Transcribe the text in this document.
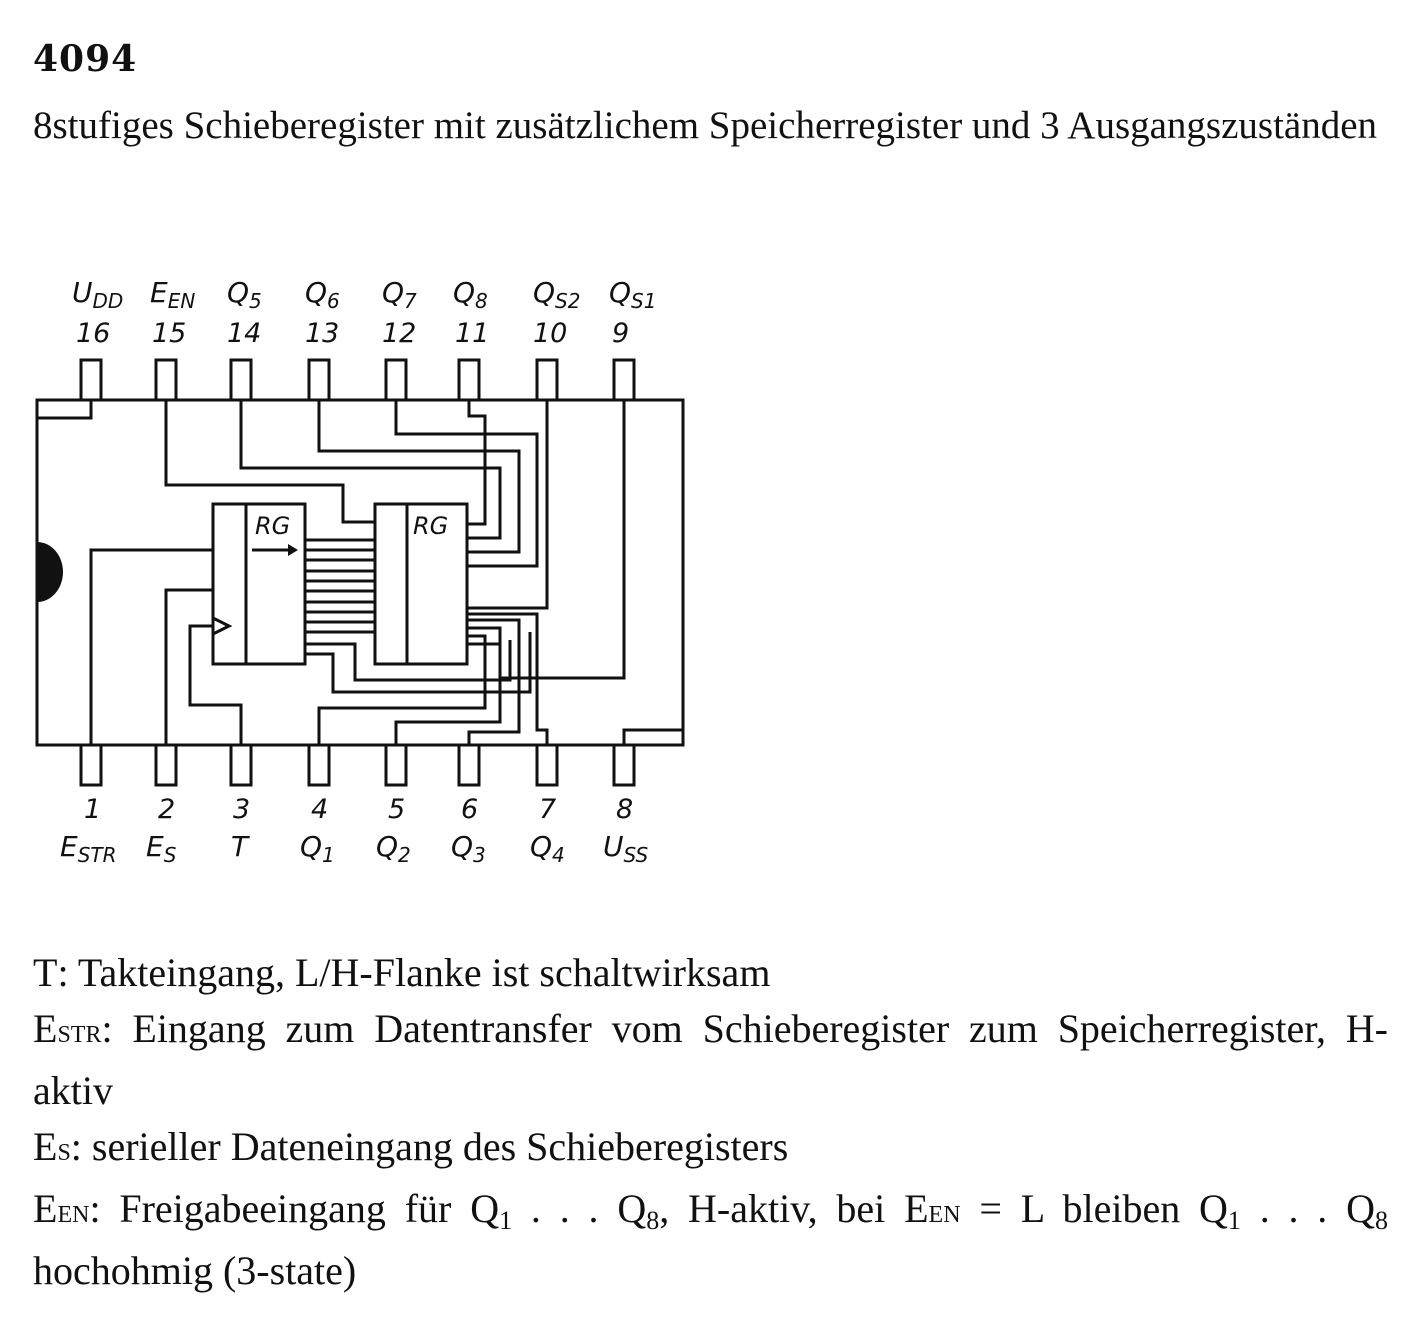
4094

8stufiges Schieberegister mit zusätzlichem Speicherregister und 3 Ausgangszuständen

RG	RG
16 15 14 13 12 11 10 9
$U_{DD}$ $E_{EN}$ $Q_5$ $Q_6$ $Q_7$ $Q_8$ $Q_{S2}$ $Q_{S1}$
1 2 3 4 5 6 7 8
$E_{STR}$ $E_S$ T $Q_1$ $Q_2$ $Q_3$ $Q_4$ $U_{SS}$

T: Takteingang, L/H-Flanke ist schaltwirksam

ESTR: Eingang zum Datentransfer vom Schieberegister zum Speicherregister, H-aktiv

ES: serieller Dateneingang des Schieberegisters

EEN: Freigabeeingang für Q1 . . . Q8, H-aktiv, bei EEN = L bleiben Q1 . . . Q8 hochohmig (3-state)
